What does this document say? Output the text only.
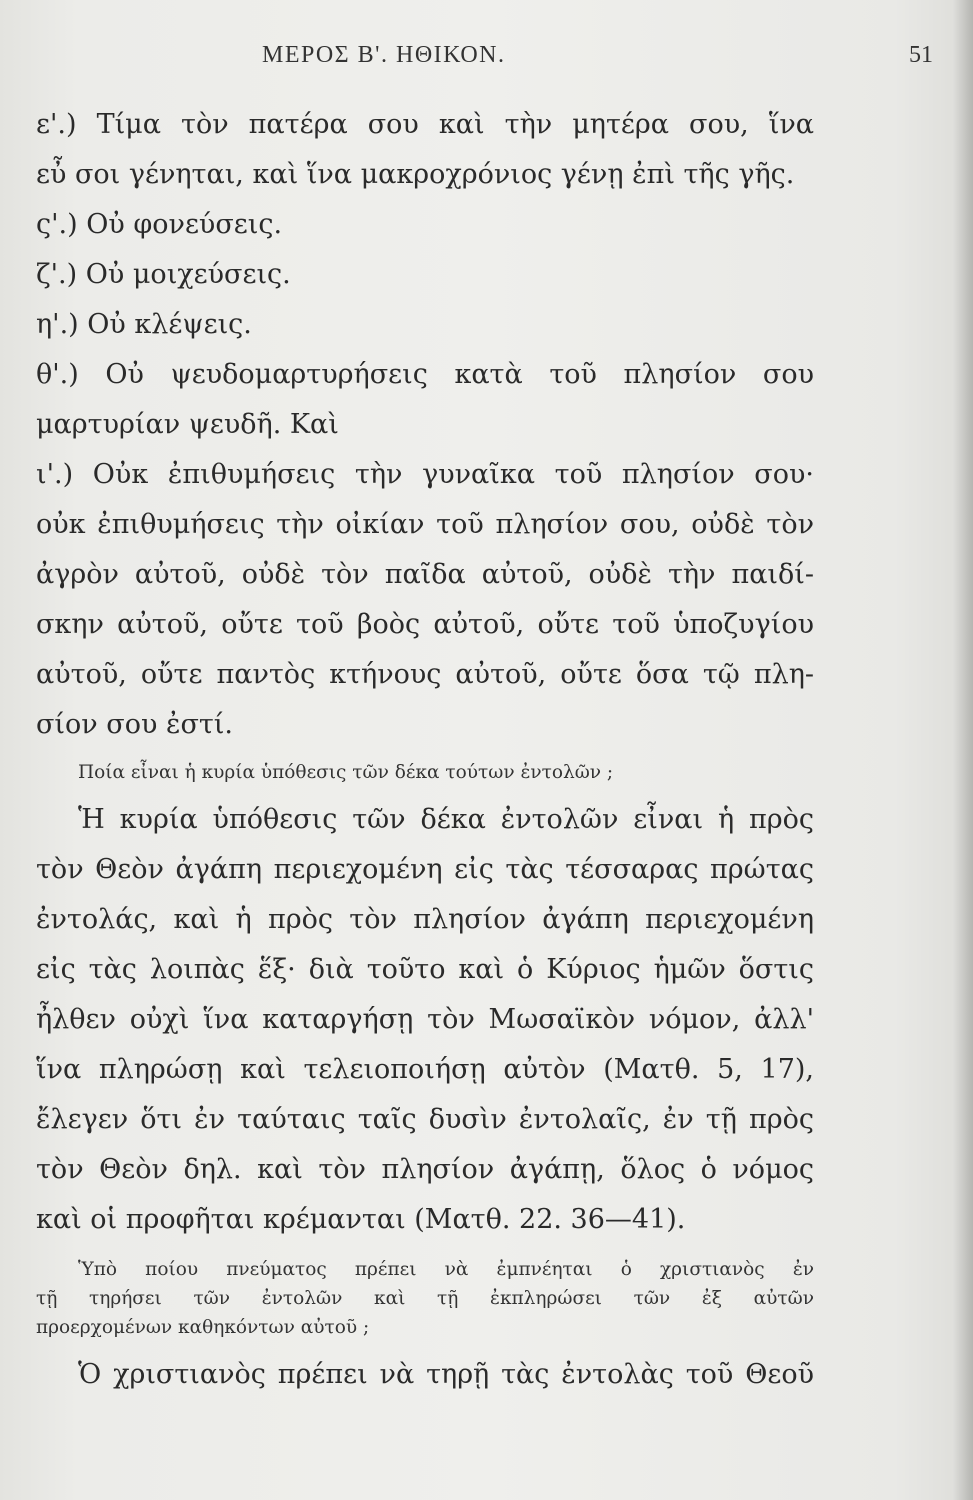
ΜΕΡΟΣ Β'. ΗΘΙΚΟΝ.	51
ε'.) Τίμα τὸν πατέρα σου καὶ τὴν μητέρα σου, ἵνα
εὖ σοι γένηται, καὶ ἵνα μακροχρόνιος γένῃ ἐπὶ τῆς γῆς.
ς'.) Οὐ φονεύσεις.
ζ'.) Οὐ μοιχεύσεις.
η'.) Οὐ κλέψεις.
θ'.) Οὐ ψευδομαρτυρήσεις κατὰ τοῦ πλησίον σου
μαρτυρίαν ψευδῆ. Καὶ
ι'.) Οὐκ ἐπιθυμήσεις τὴν γυναῖκα τοῦ πλησίον σου·
οὐκ ἐπιθυμήσεις τὴν οἰκίαν τοῦ πλησίον σου, οὐδὲ τὸν
ἀγρὸν αὐτοῦ, οὐδὲ τὸν παῖδα αὐτοῦ, οὐδὲ τὴν παιδί-
σκην αὐτοῦ, οὔτε τοῦ βοὸς αὐτοῦ, οὔτε τοῦ ὑποζυγίου
αὐτοῦ, οὔτε παντὸς κτήνους αὐτοῦ, οὔτε ὅσα τῷ πλη-
σίον σου ἐστί.
Ποία εἶναι ἡ κυρία ὑπόθεσις τῶν δέκα τούτων ἐντολῶν ;
Ἡ κυρία ὑπόθεσις τῶν δέκα ἐντολῶν εἶναι ἡ πρὸς
τὸν Θεὸν ἀγάπη περιεχομένη εἰς τὰς τέσσαρας πρώτας
ἐντολάς, καὶ ἡ πρὸς τὸν πλησίον ἀγάπη περιεχομένη
εἰς τὰς λοιπὰς ἕξ· διὰ τοῦτο καὶ ὁ Κύριος ἡμῶν ὅστις
ἦλθεν οὐχὶ ἵνα καταργήσῃ τὸν Μωσαϊκὸν νόμον, ἀλλ'
ἵνα πληρώσῃ καὶ τελειοποιήσῃ αὐτὸν (Ματθ. 5, 17),
ἔλεγεν ὅτι ἐν ταύταις ταῖς δυσὶν ἐντολαῖς, ἐν τῇ πρὸς
τὸν Θεὸν δηλ. καὶ τὸν πλησίον ἀγάπῃ, ὅλος ὁ νόμος
καὶ οἱ προφῆται κρέμανται (Ματθ. 22. 36—41).
Ὑπὸ ποίου πνεύματος πρέπει νὰ ἐμπνέηται ὁ χριστιανὸς ἐν
τῇ τηρήσει τῶν ἐντολῶν καὶ τῇ ἐκπληρώσει τῶν ἐξ αὐτῶν
προερχομένων καθηκόντων αὐτοῦ ;
Ὁ χριστιανὸς πρέπει νὰ τηρῇ τὰς ἐντολὰς τοῦ Θεοῦ
